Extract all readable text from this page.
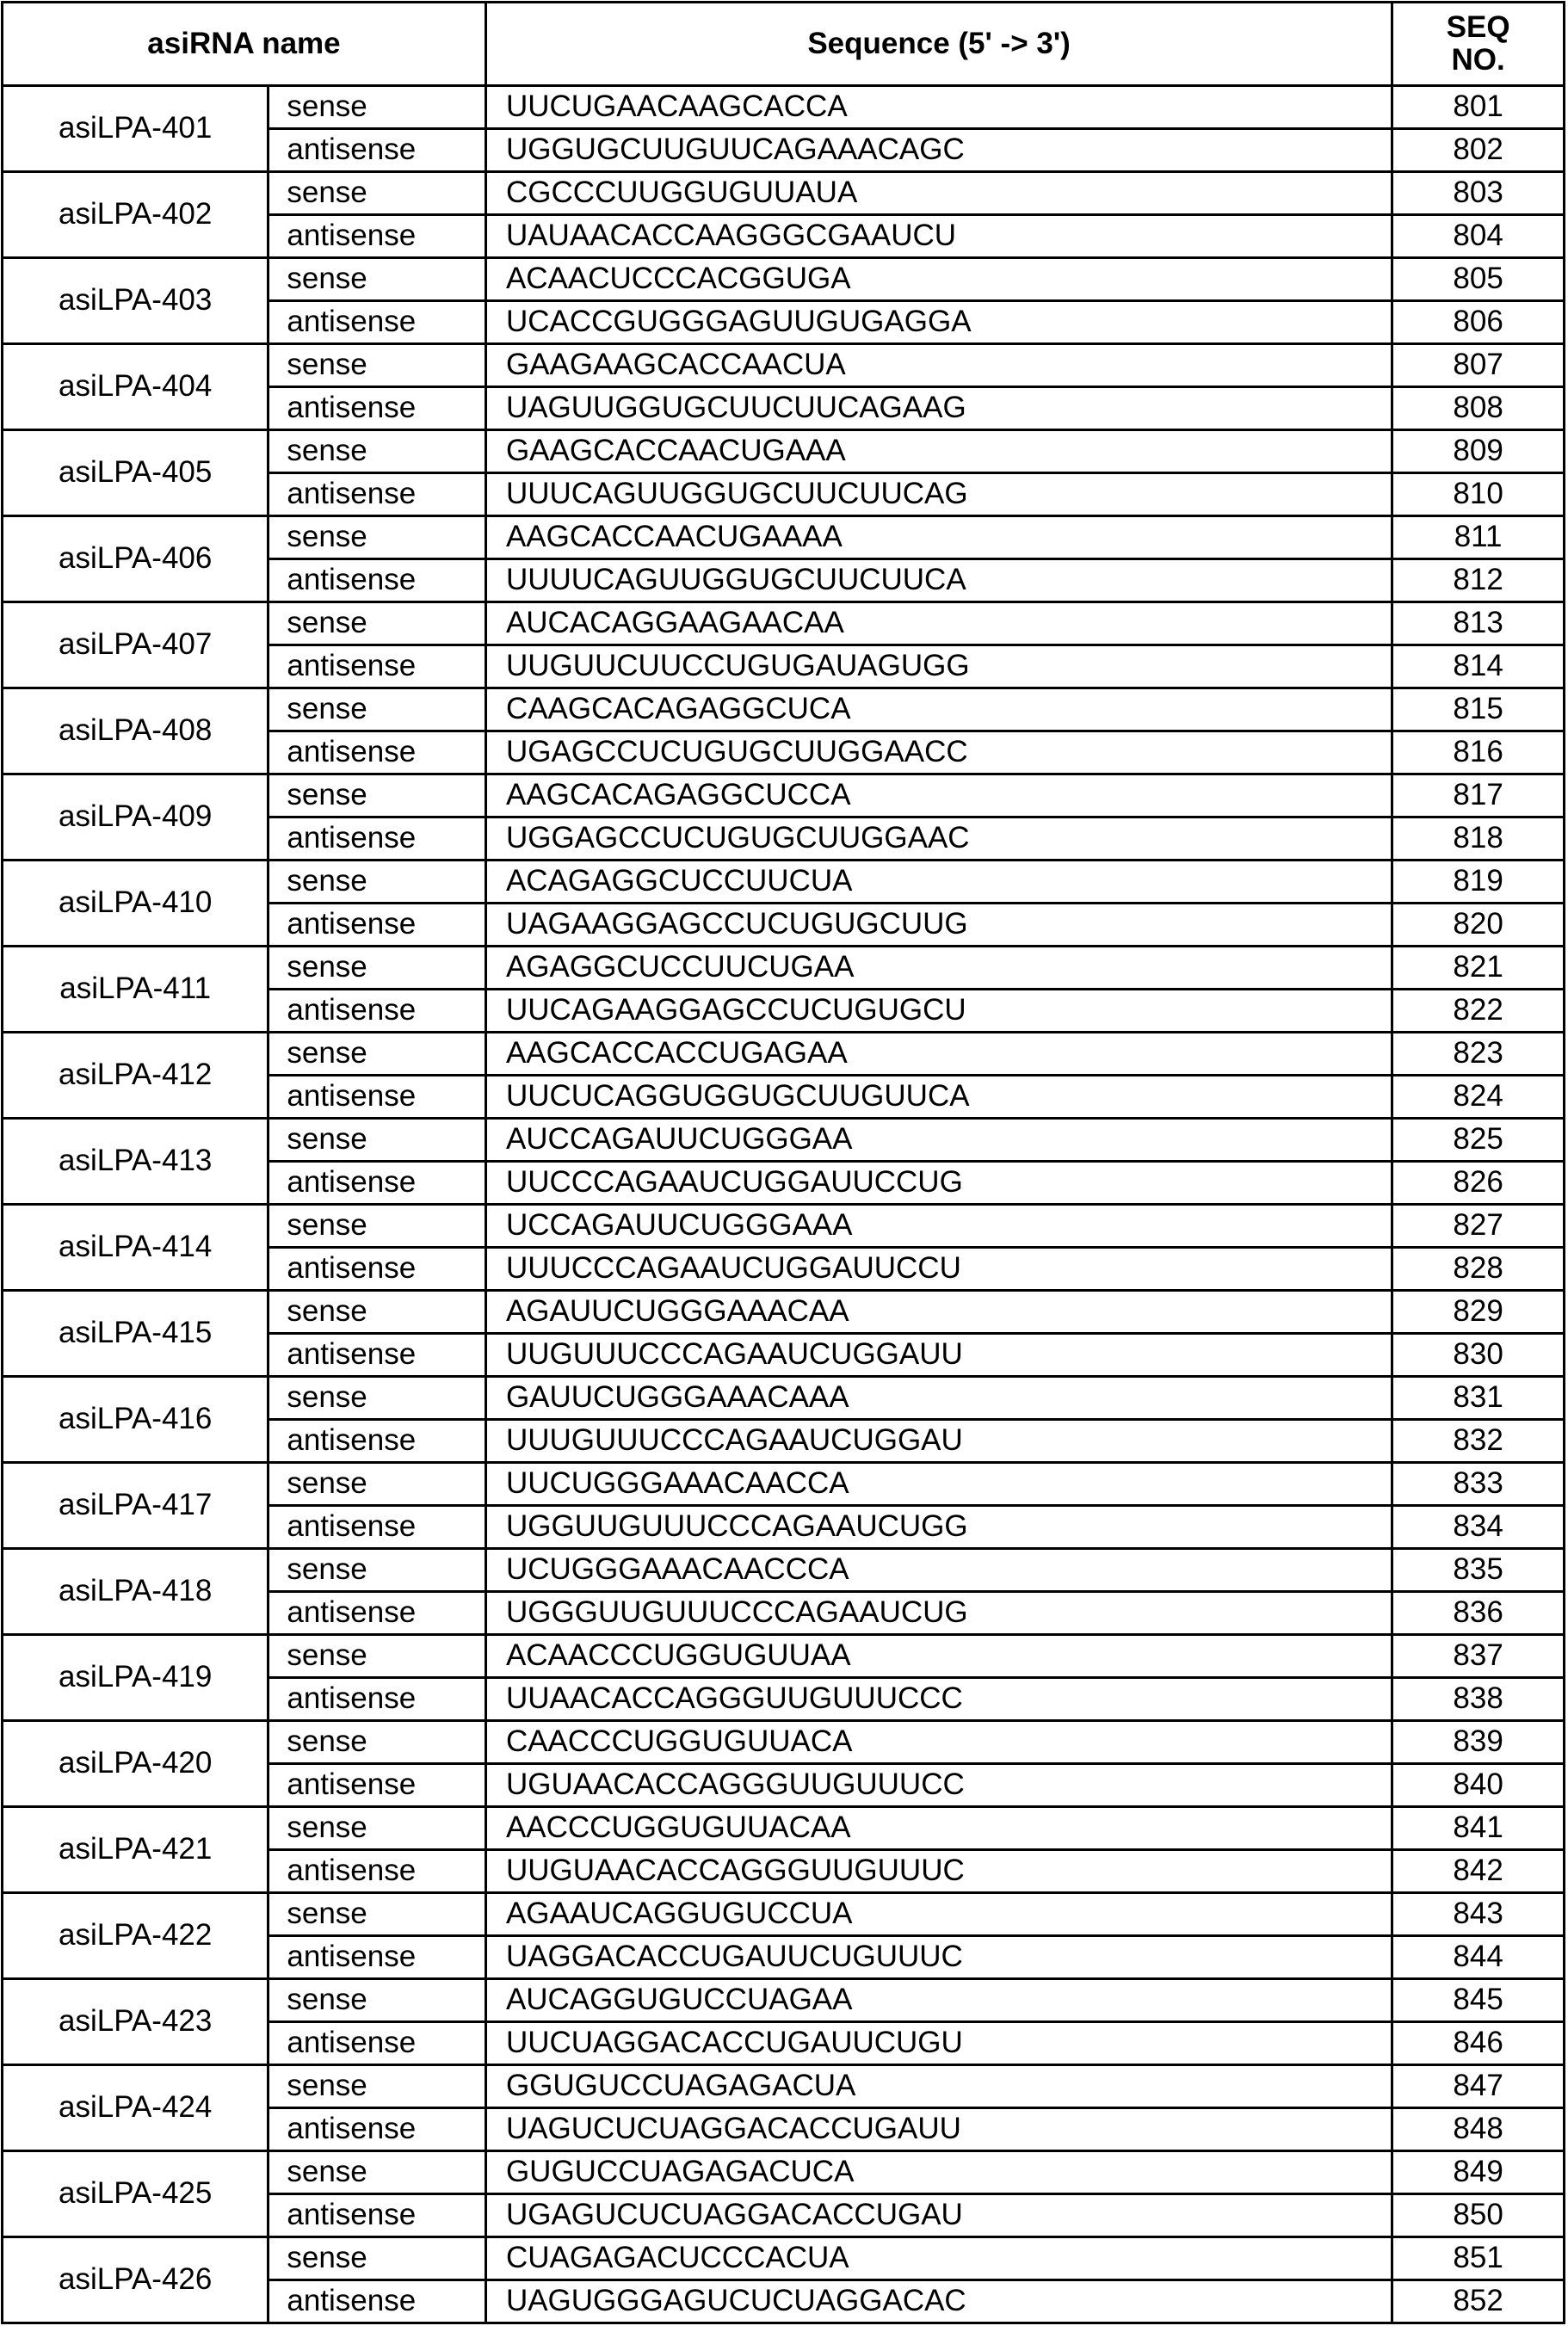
asiRNA name	Sequence (5' -> 3')	SEQ NO.
asiLPA-401	sense	UUCUGAACAAGCACCA	801
antisense	UGGUGCUUGUUCAGAAACAGC	802
asiLPA-402	sense	CGCCCUUGGUGUUAUA	803
antisense	UAUAACACCAAGGGCGAAUCU	804
asiLPA-403	sense	ACAACUCCCACGGUGA	805
antisense	UCACCGUGGGAGUUGUGAGGA	806
asiLPA-404	sense	GAAGAAGCACCAACUA	807
antisense	UAGUUGGUGCUUCUUCAGAAG	808
asiLPA-405	sense	GAAGCACCAACUGAAA	809
antisense	UUUCAGUUGGUGCUUCUUCAG	810
asiLPA-406	sense	AAGCACCAACUGAAAA	811
antisense	UUUUCAGUUGGUGCUUCUUCA	812
asiLPA-407	sense	AUCACAGGAAGAACAA	813
antisense	UUGUUCUUCCUGUGAUAGUGG	814
asiLPA-408	sense	CAAGCACAGAGGCUCA	815
antisense	UGAGCCUCUGUGCUUGGAACC	816
asiLPA-409	sense	AAGCACAGAGGCUCCA	817
antisense	UGGAGCCUCUGUGCUUGGAAC	818
asiLPA-410	sense	ACAGAGGCUCCUUCUA	819
antisense	UAGAAGGAGCCUCUGUGCUUG	820
asiLPA-411	sense	AGAGGCUCCUUCUGAA	821
antisense	UUCAGAAGGAGCCUCUGUGCU	822
asiLPA-412	sense	AAGCACCACCUGAGAA	823
antisense	UUCUCAGGUGGUGCUUGUUCA	824
asiLPA-413	sense	AUCCAGAUUCUGGGAA	825
antisense	UUCCCAGAAUCUGGAUUCCUG	826
asiLPA-414	sense	UCCAGAUUCUGGGAAA	827
antisense	UUUCCCAGAAUCUGGAUUCCU	828
asiLPA-415	sense	AGAUUCUGGGAAACAA	829
antisense	UUGUUUCCCAGAAUCUGGAUU	830
asiLPA-416	sense	GAUUCUGGGAAACAAA	831
antisense	UUUGUUUCCCAGAAUCUGGAU	832
asiLPA-417	sense	UUCUGGGAAACAACCA	833
antisense	UGGUUGUUUCCCAGAAUCUGG	834
asiLPA-418	sense	UCUGGGAAACAACCCA	835
antisense	UGGGUUGUUUCCCAGAAUCUG	836
asiLPA-419	sense	ACAACCCUGGUGUUAA	837
antisense	UUAACACCAGGGUUGUUUCCC	838
asiLPA-420	sense	CAACCCUGGUGUUACA	839
antisense	UGUAACACCAGGGUUGUUUCC	840
asiLPA-421	sense	AACCCUGGUGUUACAA	841
antisense	UUGUAACACCAGGGUUGUUUC	842
asiLPA-422	sense	AGAAUCAGGUGUCCUA	843
antisense	UAGGACACCUGAUUCUGUUUC	844
asiLPA-423	sense	AUCAGGUGUCCUAGAA	845
antisense	UUCUAGGACACCUGAUUCUGU	846
asiLPA-424	sense	GGUGUCCUAGAGACUA	847
antisense	UAGUCUCUAGGACACCUGAUU	848
asiLPA-425	sense	GUGUCCUAGAGACUCA	849
antisense	UGAGUCUCUAGGACACCUGAU	850
asiLPA-426	sense	CUAGAGACUCCCACUA	851
antisense	UAGUGGGAGUCUCUAGGACAC	852
